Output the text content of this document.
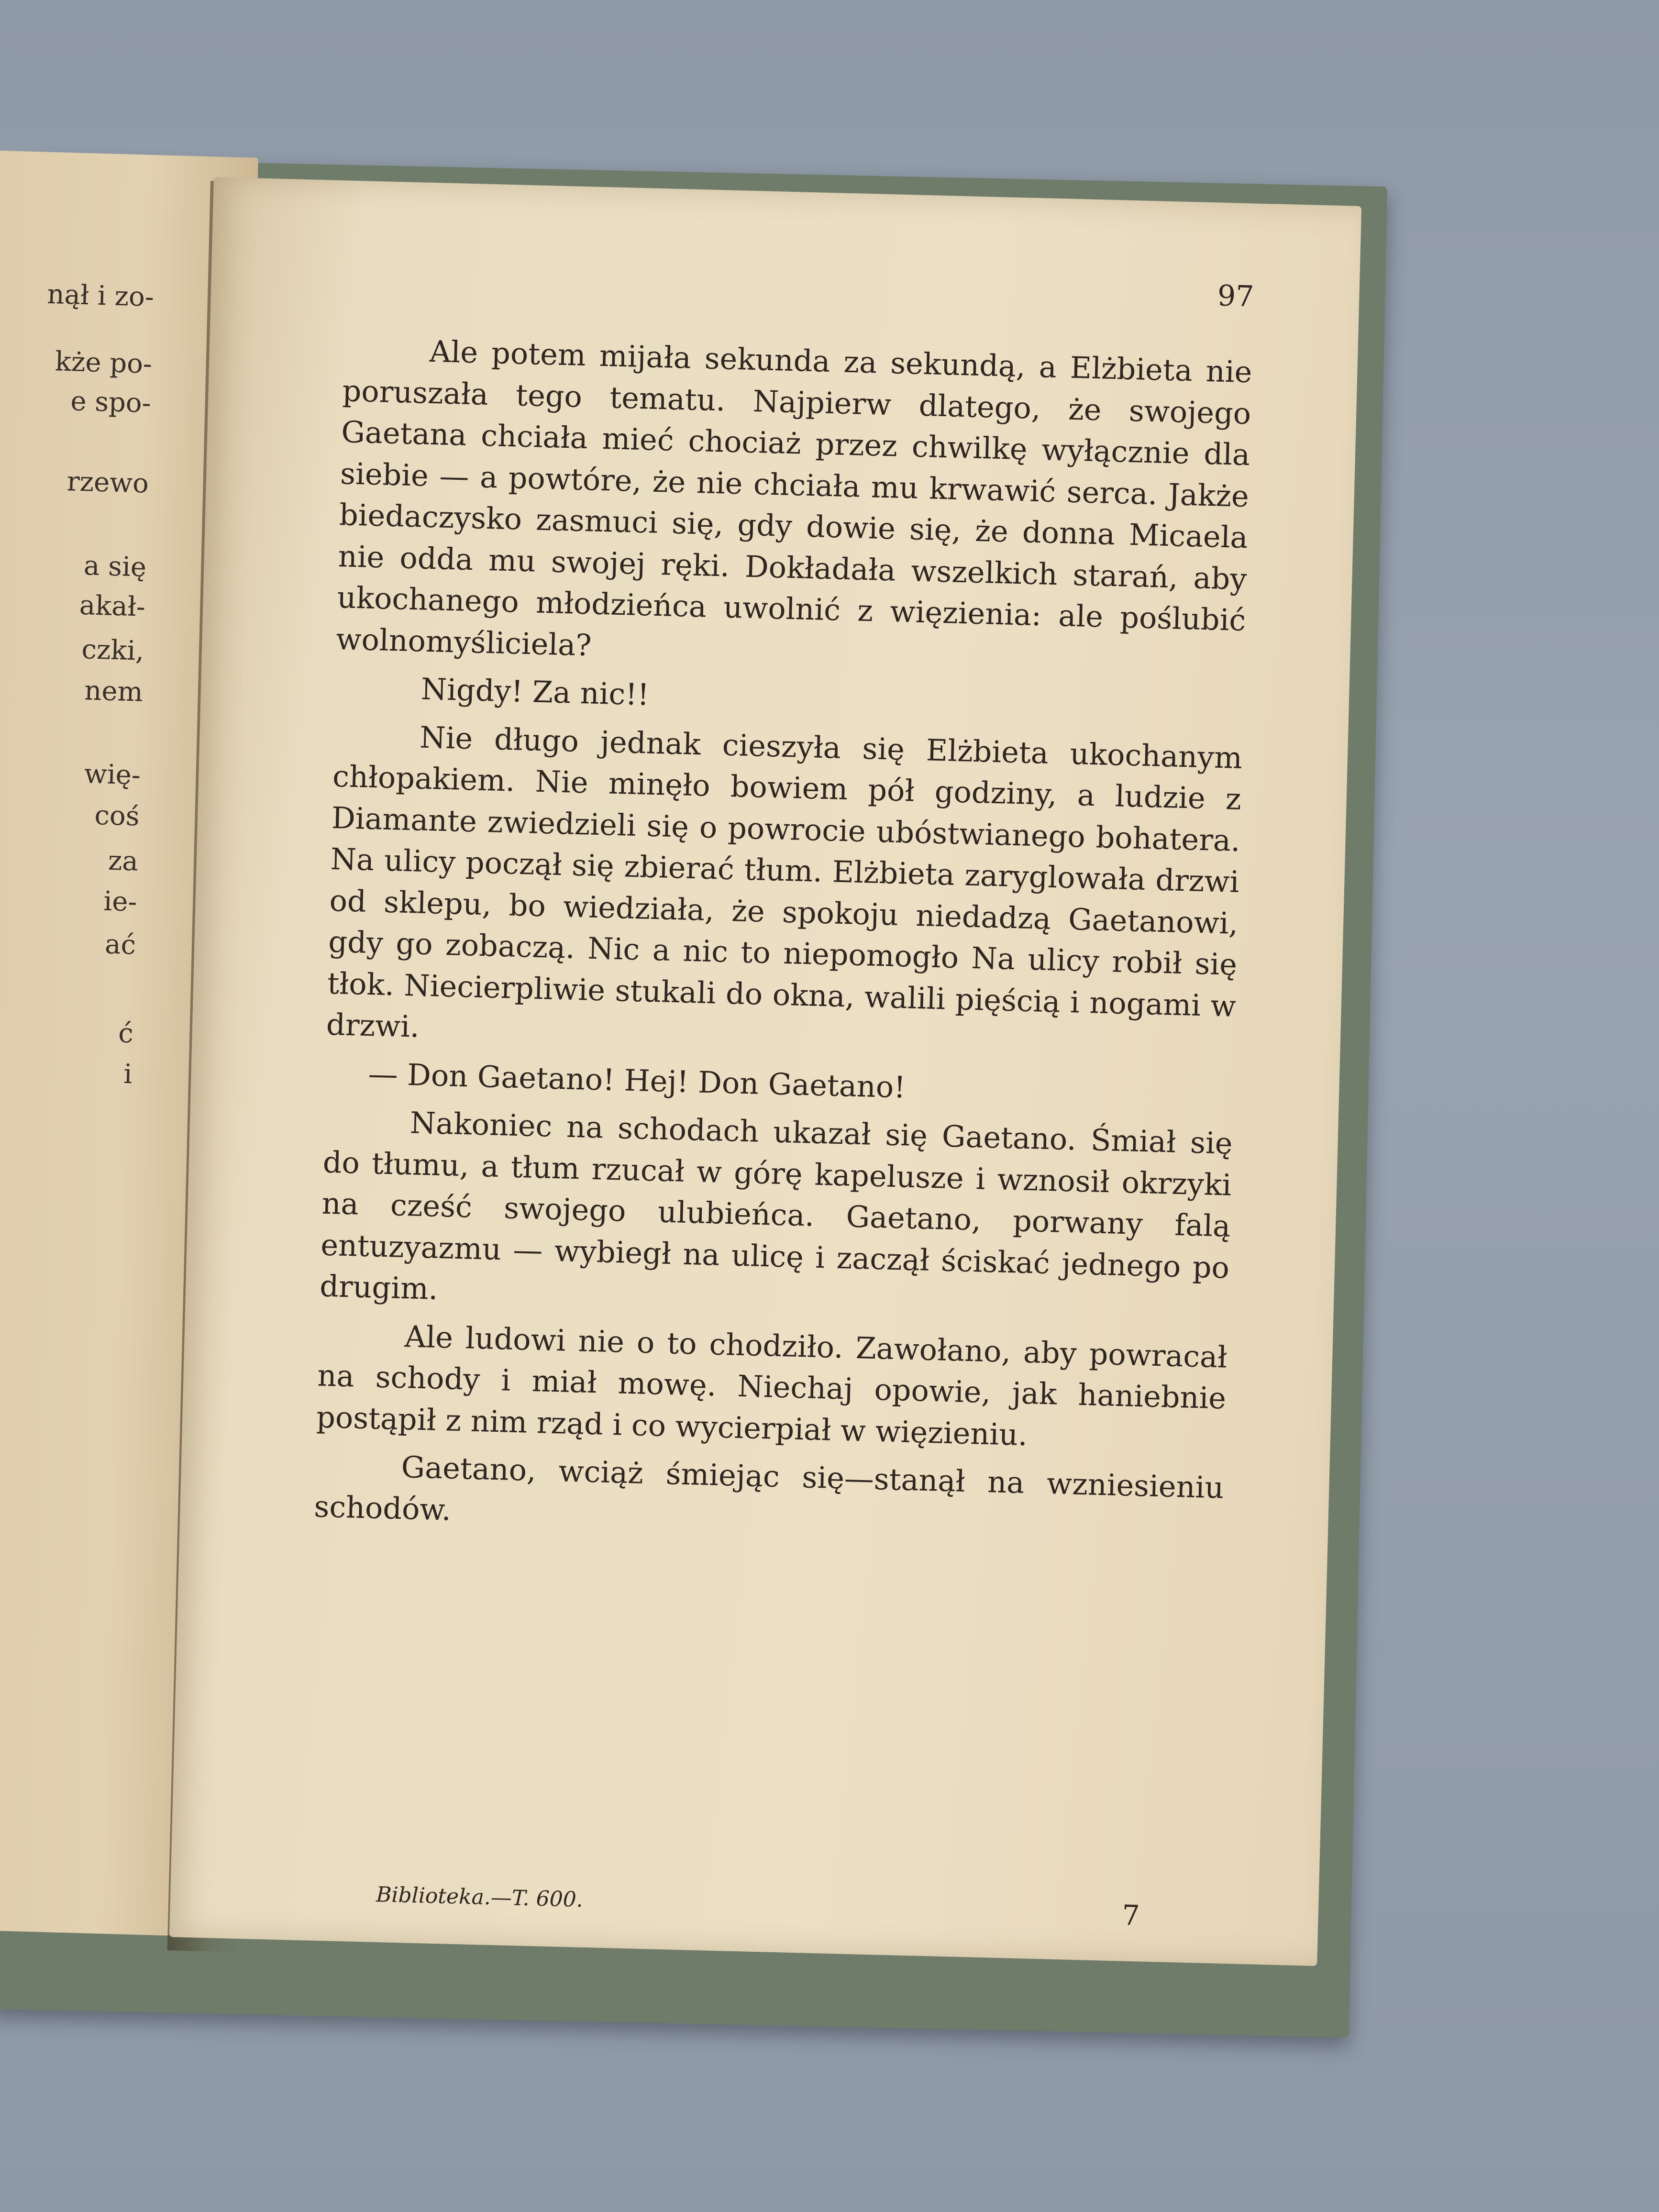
nął i zo-
kże po-
e spo-
rzewo
a się
akał-
czki,
nem
wię-
coś
za
ie-
ać
ć
i
97

Ale potem mijała sekunda za sekundą, a Elżbieta nie poruszała tego tematu. Najpierw dlatego, że swojego Gaetana chciała mieć chociaż przez chwilkę wyłącznie dla siebie — a powtóre, że nie chciała mu krwawić serca. Jakże biedaczysko zasmuci się, gdy dowie się, że donna Micaela nie odda mu swojej ręki. Dokładała wszelkich starań, aby ukochanego młodzieńca uwolnić z więzienia: ale poślubić wolnomyśliciela?

Nigdy! Za nic!!

Nie długo jednak cieszyła się Elżbieta ukochanym chłopakiem. Nie minęło bowiem pół godziny, a ludzie z Diamante zwiedzieli się o powrocie ubóstwianego bohatera. Na ulicy począł się zbierać tłum. Elżbieta zaryglowała drzwi od sklepu, bo wiedziała, że spokoju niedadzą Gaetanowi, gdy go zobaczą. Nic a nic to niepomogło Na ulicy robił się tłok. Niecierpliwie stukali do okna, walili pięścią i nogami w drzwi.

— Don Gaetano! Hej! Don Gaetano!

Nakoniec na schodach ukazał się Gaetano. Śmiał się do tłumu, a tłum rzucał w górę kapelusze i wznosił okrzyki na cześć swojego ulubieńca. Gaetano, porwany falą entuzyazmu — wybiegł na ulicę i zaczął ściskać jednego po drugim.

Ale ludowi nie o to chodziło. Zawołano, aby powracał na schody i miał mowę. Niechaj opowie, jak haniebnie postąpił z nim rząd i co wycierpiał w więzieniu.

Gaetano, wciąż śmiejąc się—stanął na wzniesieniu schodów.

Biblioteka.—T. 600.
7
